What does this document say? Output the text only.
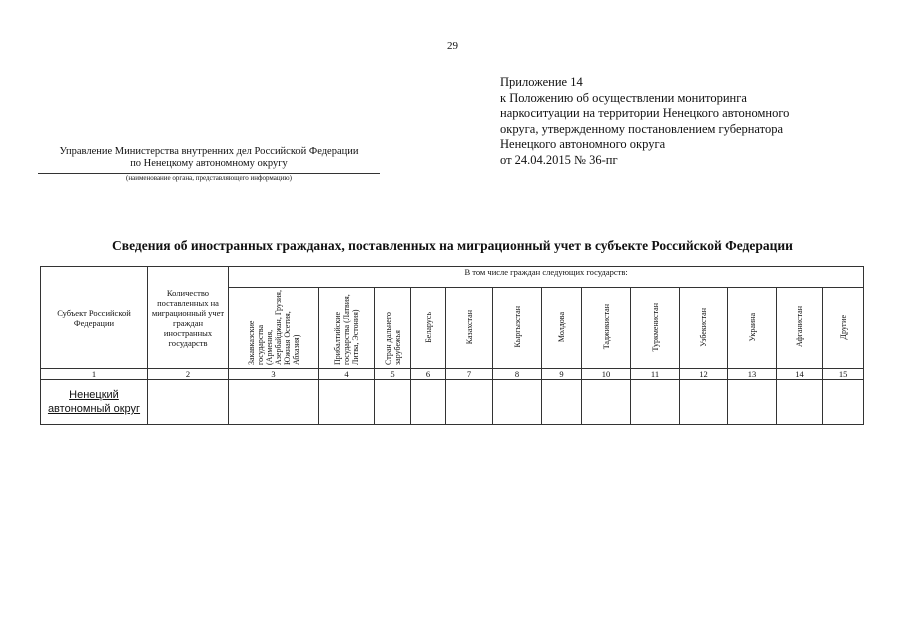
29
Приложение 14
к Положению об осуществлении мониторинга
наркоситуации на территории Ненецкого автономного
округа, утвержденному постановлением губернатора
Ненецкого автономного округа
от 24.04.2015 № 36-пг
Управление Министерства внутренних дел Российской Федерации
по Ненецкому автономному округу
(наименование органа, представляющего информацию)
Сведения об иностранных гражданах, поставленных на миграционный учет в субъекте Российской Федерации
Субъект Российской Федерации	Количество поставленных на миграционный учет граждан иностранных государств	В том числе граждан следующих государств:												
		Закавказские государства (Армения, Азербайджан, Грузия, Южная Осетия, Абхазия)	Прибалтийские государства (Латвия, Литва, Эстония)	Стран дальнего зарубежья	Беларусь	Казахстан	Кыргызстан	Молдова	Таджикистан	Туркменистан	Узбекистан	Украина	Афганистан	Другие
1	2	3	4	5	6	7	8	9	10	11	12	13	14	15
Ненецкий автономный округ														
